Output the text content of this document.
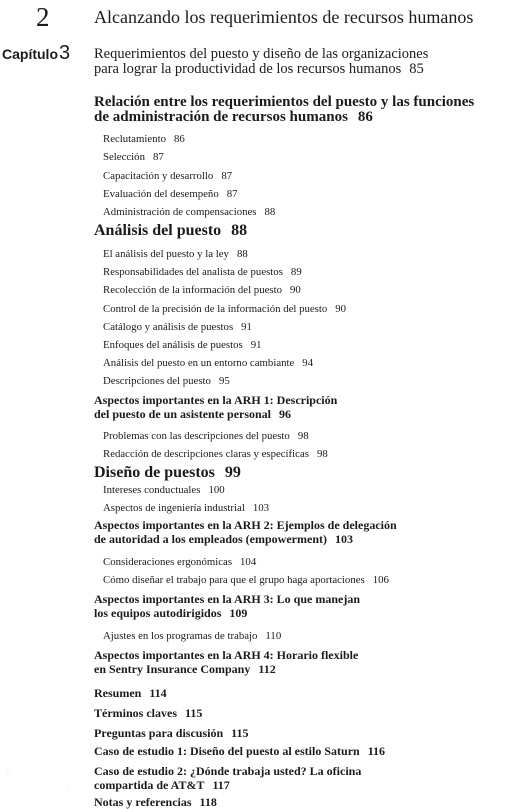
2 Alcanzando los requerimientos de recursos humanos
Capítulo 3 Requerimientos del puesto y diseño de las organizaciones
para lograr la productividad de los recursos humanos 85
Relación entre los requerimientos del puesto y las funciones
de administración de recursos humanos 86
Reclutamiento 86
Selección 87
Capacitación y desarrollo 87
Evaluación del desempeño 87
Administración de compensaciones 88
Análisis del puesto 88
El análisis del puesto y la ley 88
Responsabilidades del analista de puestos 89
Recolección de la información del puesto 90
Control de la precisión de la información del puesto 90
Catálogo y análisis de puestos 91
Enfoques del análisis de puestos 91
Análisis del puesto en un entorno cambiante 94
Descripciones del puesto 95
Aspectos importantes en la ARH 1: Descripción
del puesto de un asistente personal 96
Problemas con las descripciones del puesto 98
Redacción de descripciones claras y específicas 98
Diseño de puestos 99
Intereses conductuales 100
Aspectos de ingeniería industrial 103
Aspectos importantes en la ARH 2: Ejemplos de delegación
de autoridad a los empleados (empowerment) 103
Consideraciones ergonómicas 104
Cómo diseñar el trabajo para que el grupo haga aportaciones 106
Aspectos importantes en la ARH 3: Lo que manejan
los equipos autodirigidos 109
Ajustes en los programas de trabajo 110
Aspectos importantes en la ARH 4: Horario flexible
en Sentry Insurance Company 112
Resumen 114
Términos claves 115
Preguntas para discusión 115
Caso de estudio 1: Diseño del puesto al estilo Saturn 116
Caso de estudio 2: ¿Dónde trabaja usted? La oficina
compartida de AT&T 117
Notas y referencias 118
··
·
